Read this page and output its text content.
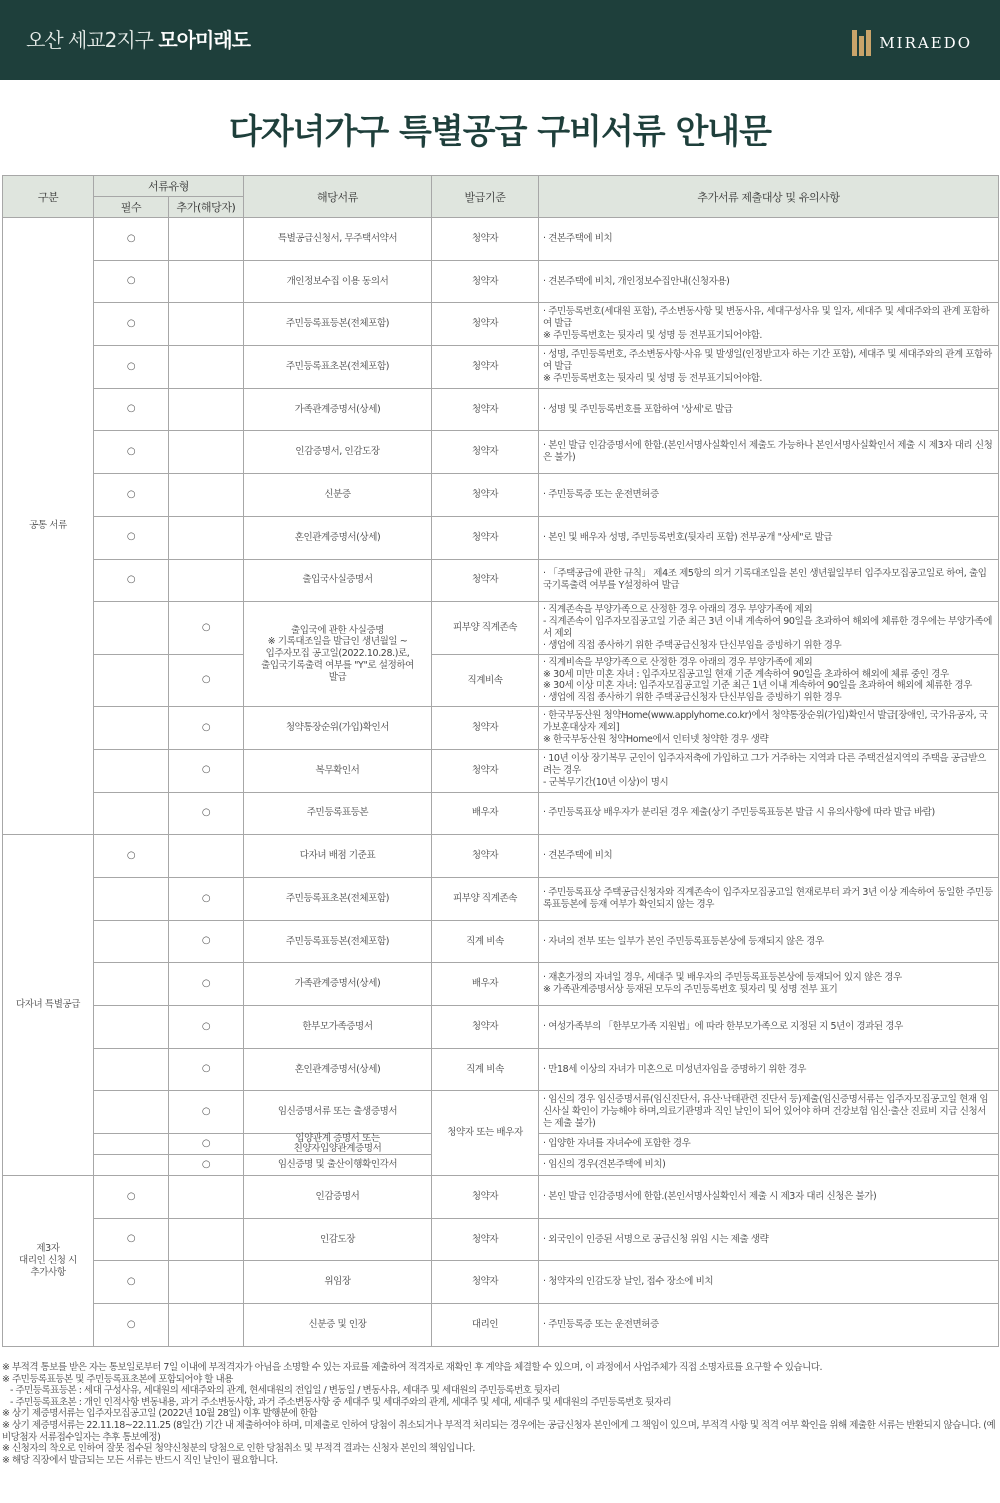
오산 세교2지구 모아미래도	MIRAEDO
다자녀가구 특별공급 구비서류 안내문
구분	서류유형		해당서류	발급기준	추가서류 제출대상 및 유의사항
	필수	추가(해당자)			
공통 서류	○		특별공급신청서, 무주택서약서	청약자	· 견본주택에 비치
	○		개인정보수집 이용 동의서	청약자	· 견본주택에 비치, 개인정보수집안내(신청자용)
	○		주민등록표등본(전체포함)	청약자	· 주민등록번호(세대원 포함), 주소변동사항 및 변동사유, 세대구성사유 및 일자, 세대주 및 세대주와의 관계 포함하여 발급
※ 주민등록번호는 뒷자리 및 성명 등 전부표기되어야함.
	○		주민등록표초본(전체포함)	청약자	· 성명, 주민등록번호, 주소변동사항·사유 및 발생일(인정받고자 하는 기간 포함), 세대주 및 세대주와의 관계 포함하여 발급
※ 주민등록번호는 뒷자리 및 성명 등 전부표기되어야함.
	○		가족관계증명서(상세)	청약자	· 성명 및 주민등록번호를 포함하여 '상세'로 발급
	○		인감증명서, 인감도장	청약자	· 본인 발급 인감증명서에 한함.(본인서명사실확인서 제출도 가능하나 본인서명사실확인서 제출 시 제3자 대리 신청은 불가)
	○		신분증	청약자	· 주민등록증 또는 운전면허증
	○		혼인관계증명서(상세)	청약자	· 본인 및 배우자 성명, 주민등록번호(뒷자리 포함) 전부공개 "상세"로 발급
	○		출입국사실증명서	청약자	· 「주택공급에 관한 규칙」 제4조 제5항의 의거 기록대조일을 본인 생년월일부터 입주자모집공고일로 하여, 출입국기록출력 여부를 Y설정하여 발급
		○	출입국에 관한 사실증명
※ 기록대조일을 발급인 생년월일 ~
입주자모집 공고일(2022.10.28.)로,
출입국기록출력 여부를 "Y"로 설정하여
발급	피부양 직계존속	· 직계존속을 부양가족으로 산정한 경우 아래의 경우 부양가족에 제외
- 직계존속이 입주자모집공고일 기준 최근 3년 이내 계속하여 90일을 초과하여 해외에 체류한 경우에는 부양가족에서 제외
· 생업에 직접 종사하기 위한 주택공급신청자 단신부임을 증빙하기 위한 경우
		○		직계비속	· 직계비속을 부양가족으로 산정한 경우 아래의 경우 부양가족에 제외
※ 30세 미만 미혼 자녀 : 입주자모집공고일 현재 기준 계속하여 90일을 초과하여 해외에 체류 중인 경우
※ 30세 이상 미혼 자녀: 입주자모집공고일 기준 최근 1년 이내 계속하여 90일을 초과하여 해외에 체류한 경우
· 생업에 직접 종사하기 위한 주택공급신청자 단신부임을 증빙하기 위한 경우
		○	청약통장순위(가입)확인서	청약자	· 한국부동산원 청약Home(www.applyhome.co.kr)에서 청약통장순위(가입)확인서 발급[장애인, 국가유공자, 국가보훈대상자 제외]
※ 한국부동산원 청약Home에서 인터넷 청약한 경우 생략
		○	복무확인서	청약자	· 10년 이상 장기복무 군인이 입주자저축에 가입하고 그가 거주하는 지역과 다른 주택건설지역의 주택을 공급받으려는 경우
- 군복무기간(10년 이상)이 명시
		○	주민등록표등본	배우자	· 주민등록표상 배우자가 분리된 경우 제출(상기 주민등록표등본 발급 시 유의사항에 따라 발급 바람)
다자녀 특별공급	○		다자녀 배점 기준표	청약자	· 견본주택에 비치
		○	주민등록표초본(전체포함)	피부양 직계존속	· 주민등록표상 주택공급신청자와 직계존속이 입주자모집공고일 현재로부터 과거 3년 이상 계속하여 동일한 주민등록표등본에 등재 여부가 확인되지 않는 경우
		○	주민등록표등본(전체포함)	직계 비속	· 자녀의 전부 또는 일부가 본인 주민등록표등본상에 등재되지 않은 경우
		○	가족관계증명서(상세)	배우자	· 재혼가정의 자녀일 경우, 세대주 및 배우자의 주민등록표등본상에 등재되어 있지 않은 경우
※ 가족관계증명서상 등재된 모두의 주민등록번호 뒷자리 및 성명 전부 표기
		○	한부모가족증명서	청약자	· 여성가족부의 「한부모가족 지원법」에 따라 한부모가족으로 지정된 지 5년이 경과된 경우
		○	혼인관계증명서(상세)	직계 비속	· 만18세 이상의 자녀가 미혼으로 미성년자임을 증명하기 위한 경우
		○	임신증명서류 또는 출생증명서	청약자 또는 배우자	· 임신의 경우 임신증명서류(임신진단서, 유산·낙태관련 진단서 등)제출(임신증명서류는 입주자모집공고일 현재 임신사실 확인이 가능해야 하며,의료기관명과 직인 날인이 되어 있어야 하며 건강보험 임신·출산 진료비 지급 신청서는 제출 불가)
		○	입양관계 증명서 또는
친양자입양관계증명서		· 입양한 자녀를 자녀수에 포함한 경우
		○	임신증명 및 출산이행확인각서		· 임신의 경우(견본주택에 비치)
제3자
대리인 신청 시
추가사항	○		인감증명서	청약자	· 본인 발급 인감증명서에 한함.(본인서명사실확인서 제출 시 제3자 대리 신청은 불가)
	○		인감도장	청약자	· 외국인이 인증된 서명으로 공급신청 위임 시는 제출 생략
	○		위임장	청약자	· 청약자의 인감도장 날인, 접수 장소에 비치
	○		신분증 및 인장	대리인	· 주민등록증 또는 운전면허증

※ 부적격 통보를 받은 자는 통보일로부터 7일 이내에 부적격자가 아님을 소명할 수 있는 자료를 제출하여 적격자로 재확인 후 계약을 체결할 수 있으며, 이 과정에서 사업주체가 직접 소명자료를 요구할 수 있습니다.

※ 주민등록표등본 및 주민등록표초본에 포함되어야 할 내용

- 주민등록표등본 : 세대 구성사유, 세대원의 세대주와의 관계, 현세대원의 전입일 / 변동일 / 변동사유, 세대주 및 세대원의 주민등록번호 뒷자리

- 주민등록표초본 : 개인 인적사항 변동내용, 과거 주소변동사항, 과거 주소변동사항 중 세대주 및 세대주와의 관계, 세대주 및 세대, 세대주 및 세대원의 주민등록번호 뒷자리

※ 상기 제증명서류는 입주자모집공고일 (2022년 10월 28일) 이후 발행분에 한함

※ 상기 제증명서류는 22.11.18~22.11.25 (8일간) 기간 내 제출하여야 하며, 미제출로 인하여 당첨이 취소되거나 부적격 처리되는 경우에는 공급신청자 본인에게 그 책임이 있으며, 부적격 사항 및 적격 여부 확인을 위해 제출한 서류는 반환되지 않습니다. (예비당첨자 서류접수일자는 추후 통보예정)

※ 신청자의 착오로 인하여 잘못 접수된 청약신청분의 당첨으로 인한 당첨취소 및 부적격 결과는 신청자 본인의 책임입니다.

※ 해당 직장에서 발급되는 모든 서류는 반드시 직인 날인이 필요합니다.
